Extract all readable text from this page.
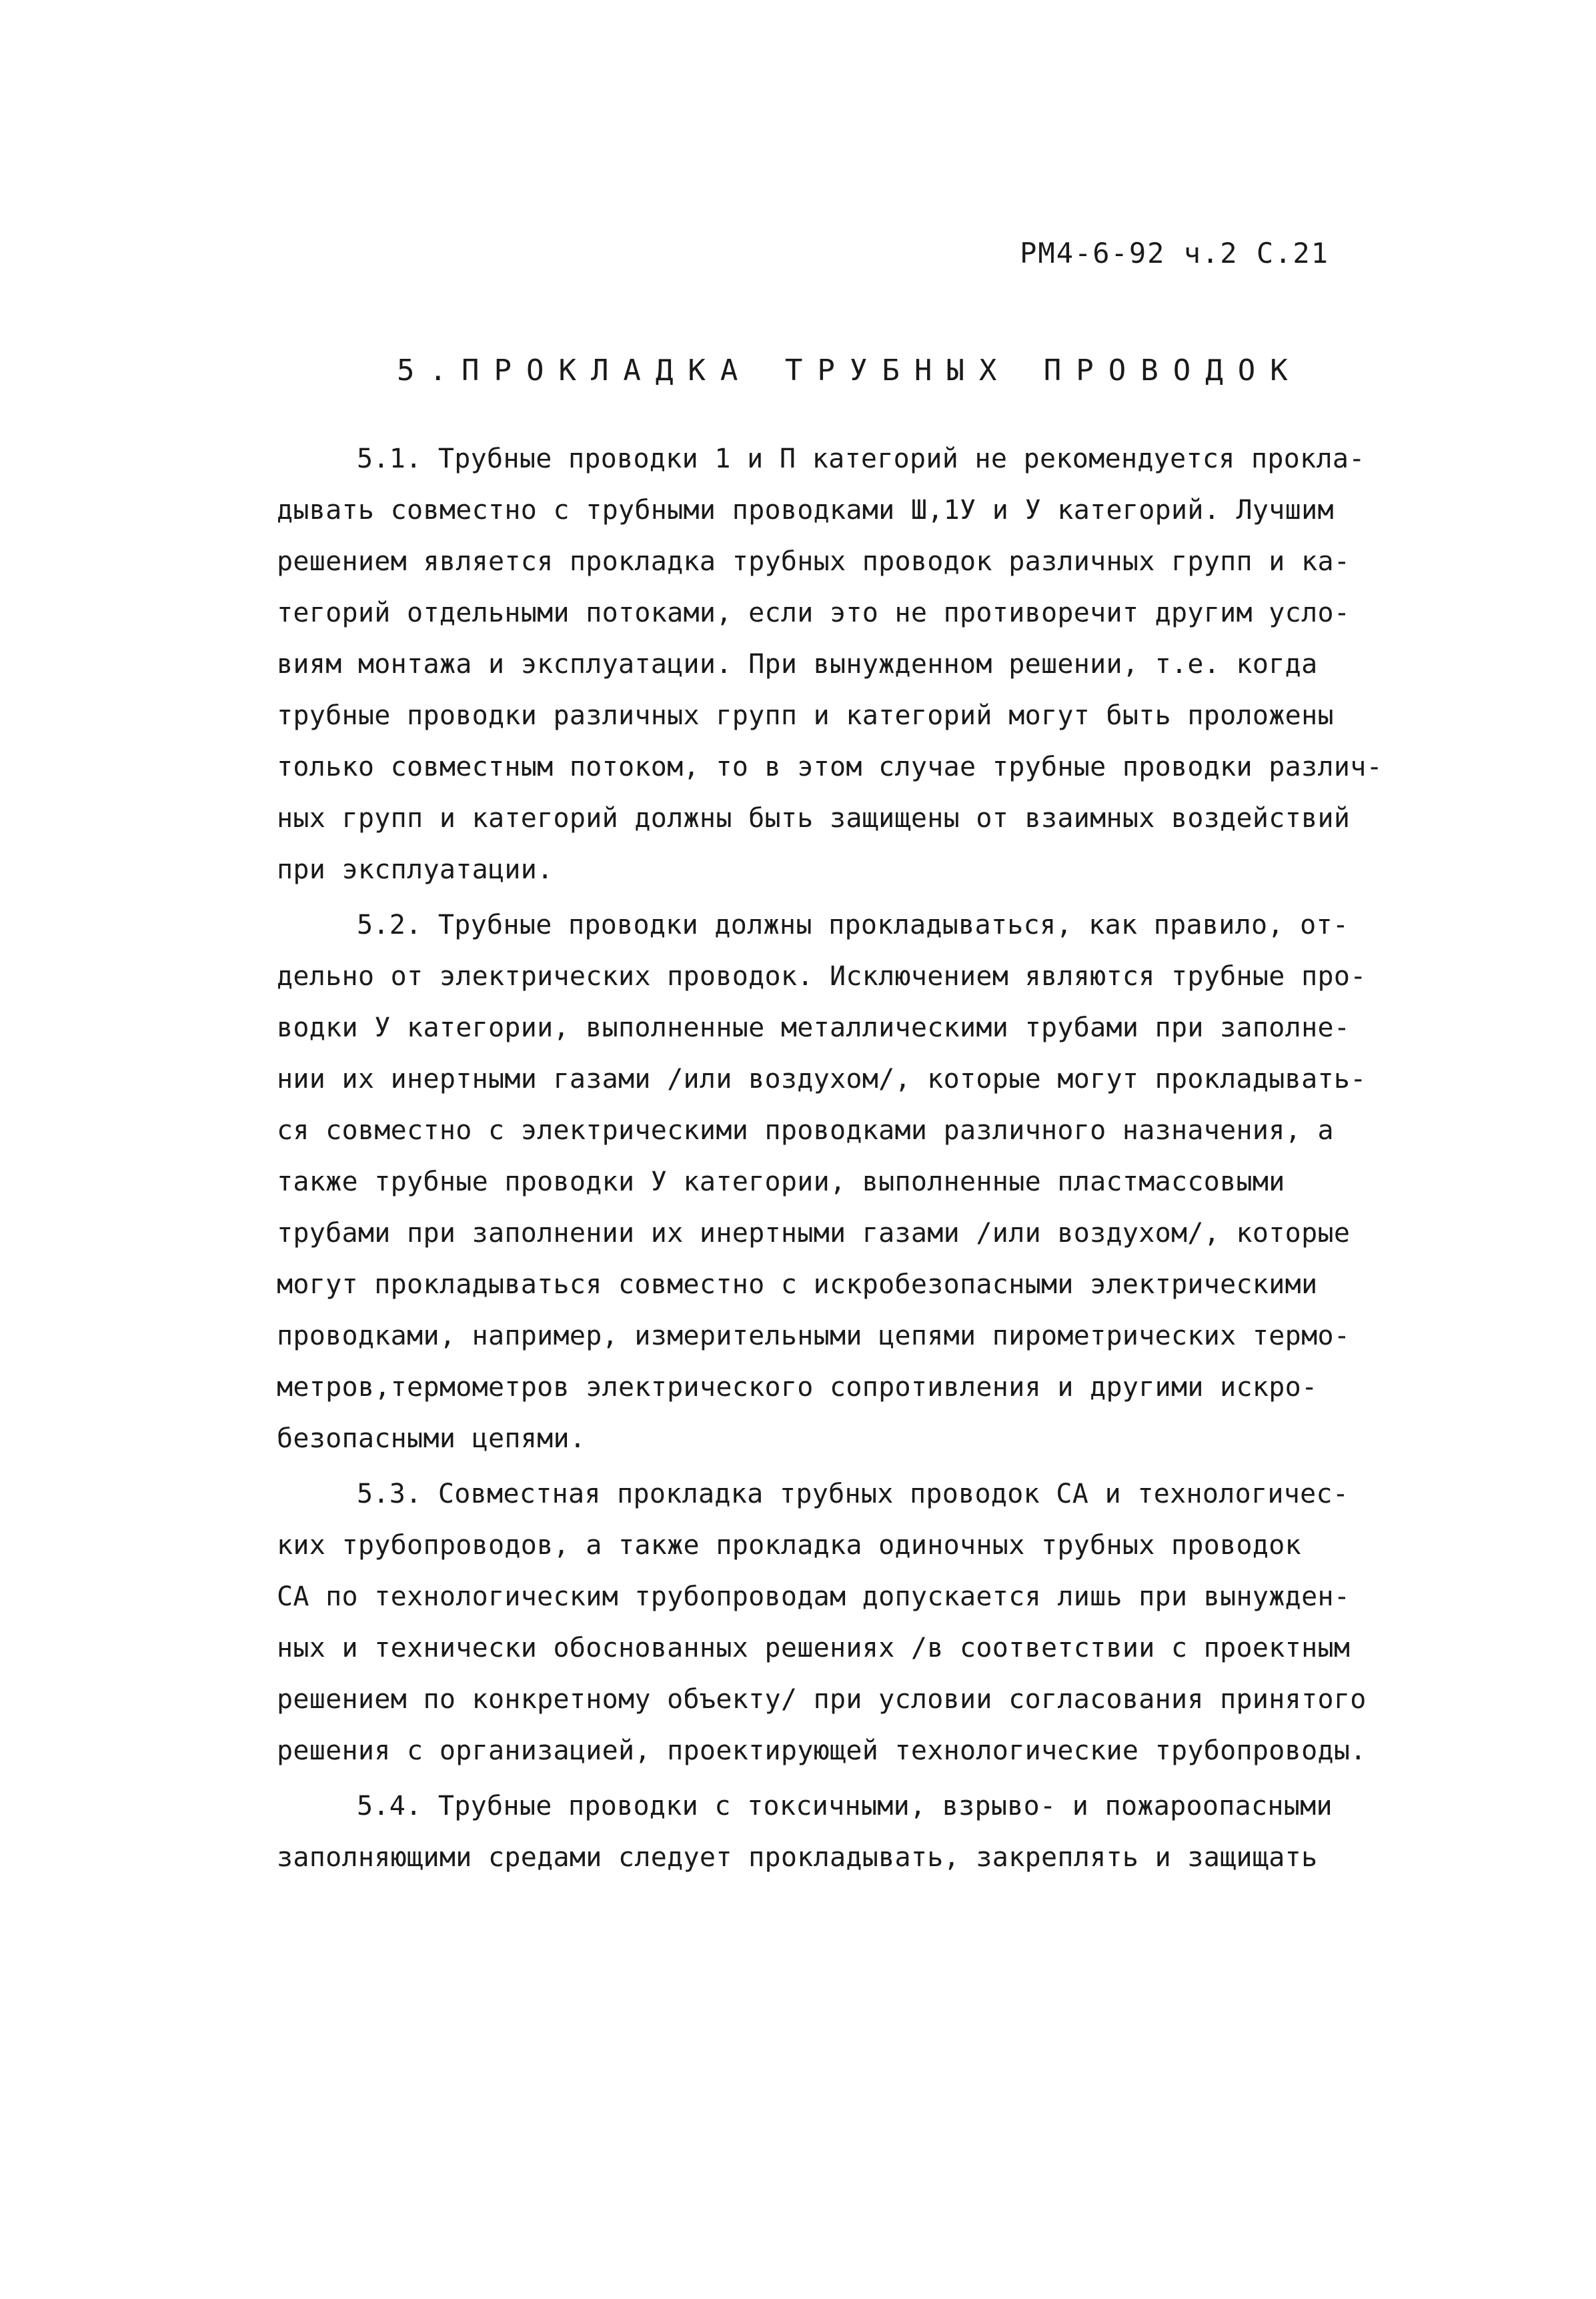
РМ4-6-92 ч.2 С.21
5.ПРОКЛАДКА ТРУБНЫХ ПРОВОДОК
5.1. Трубные проводки 1 и П категорий не рекомендуется прокла-
дывать совместно с трубными проводками Ш,1У и У категорий. Лучшим
решением является прокладка трубных проводок различных групп и ка-
тегорий отдельными потоками, если это не противоречит другим усло-
виям монтажа и эксплуатации. При вынужденном решении, т.е. когда
трубные проводки различных групп и категорий могут быть проложены
только совместным потоком, то в этом случае трубные проводки различ-
ных групп и категорий должны быть защищены от взаимных воздействий
при эксплуатации.
5.2. Трубные проводки должны прокладываться, как правило, от-
дельно от электрических проводок. Исключением являются трубные про-
водки У категории, выполненные металлическими трубами при заполне-
нии их инертными газами /или воздухом/, которые могут прокладывать-
ся совместно с электрическими проводками различного назначения, а
также трубные проводки У категории, выполненные пластмассовыми
трубами при заполнении их инертными газами /или воздухом/, которые
могут прокладываться совместно с искробезопасными электрическими
проводками, например, измерительными цепями пирометрических термо-
метров,термометров электрического сопротивления и другими искро-
безопасными цепями.
5.3. Совместная прокладка трубных проводок СА и технологичес-
ких трубопроводов, а также прокладка одиночных трубных проводок
СА по технологическим трубопроводам допускается лишь при вынужден-
ных и технически обоснованных решениях /в соответствии с проектным
решением по конкретному объекту/ при условии согласования принятого
решения с организацией, проектирующей технологические трубопроводы.
5.4. Трубные проводки с токсичными, взрыво- и пожароопасными
заполняющими средами следует прокладывать, закреплять и защищать
